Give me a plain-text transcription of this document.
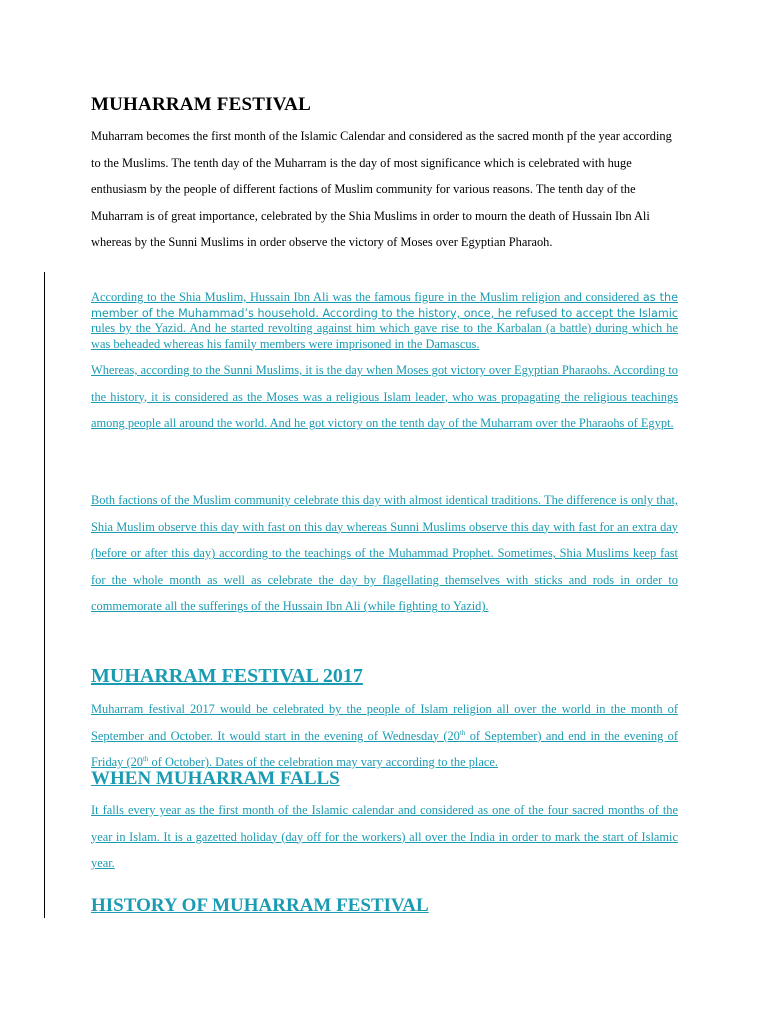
MUHARRAM FESTIVAL

Muharram becomes the first month of the Islamic Calendar and considered as the sacred month pf the year according to the Muslims. The tenth day of the Muharram is the day of most significance which is celebrated with huge enthusiasm by the people of different factions of Muslim community for various reasons. The tenth day of the Muharram is of great importance, celebrated by the Shia Muslims in order to mourn the death of Hussain Ibn Ali whereas by the Sunni Muslims in order observe the victory of Moses over Egyptian Pharaoh.

According to the Shia Muslim, Hussain Ibn Ali was the famous figure in the Muslim religion and considered as the member of the Muhammad’s household. According to the history, once, he refused to accept the Islamic rules by the Yazid. And he started revolting against him which gave rise to the Karbalan (a battle) during which he was beheaded whereas his family members were imprisoned in the Damascus.

Whereas, according to the Sunni Muslims, it is the day when Moses got victory over Egyptian Pharaohs. According to the history, it is considered as the Moses was a religious Islam leader, who was propagating the religious teachings among people all around the world. And he got victory on the tenth day of the Muharram over the Pharaohs of Egypt.

Both factions of the Muslim community celebrate this day with almost identical traditions. The difference is only that, Shia Muslim observe this day with fast on this day whereas Sunni Muslims observe this day with fast for an extra day (before or after this day) according to the teachings of the Muhammad Prophet. Sometimes, Shia Muslims keep fast for the whole month as well as celebrate the day by flagellating themselves with sticks and rods in order to commemorate all the sufferings of the Hussain Ibn Ali (while fighting to Yazid).

MUHARRAM FESTIVAL 2017

Muharram festival 2017 would be celebrated by the people of Islam religion all over the world in the month of September and October. It would start in the evening of Wednesday (20th of September) and end in the evening of Friday (20th of October). Dates of the celebration may vary according to the place.

WHEN MUHARRAM FALLS

It falls every year as the first month of the Islamic calendar and considered as one of the four sacred months of the year in Islam. It is a gazetted holiday (day off for the workers) all over the India in order to mark the start of Islamic year.

HISTORY OF MUHARRAM FESTIVAL
